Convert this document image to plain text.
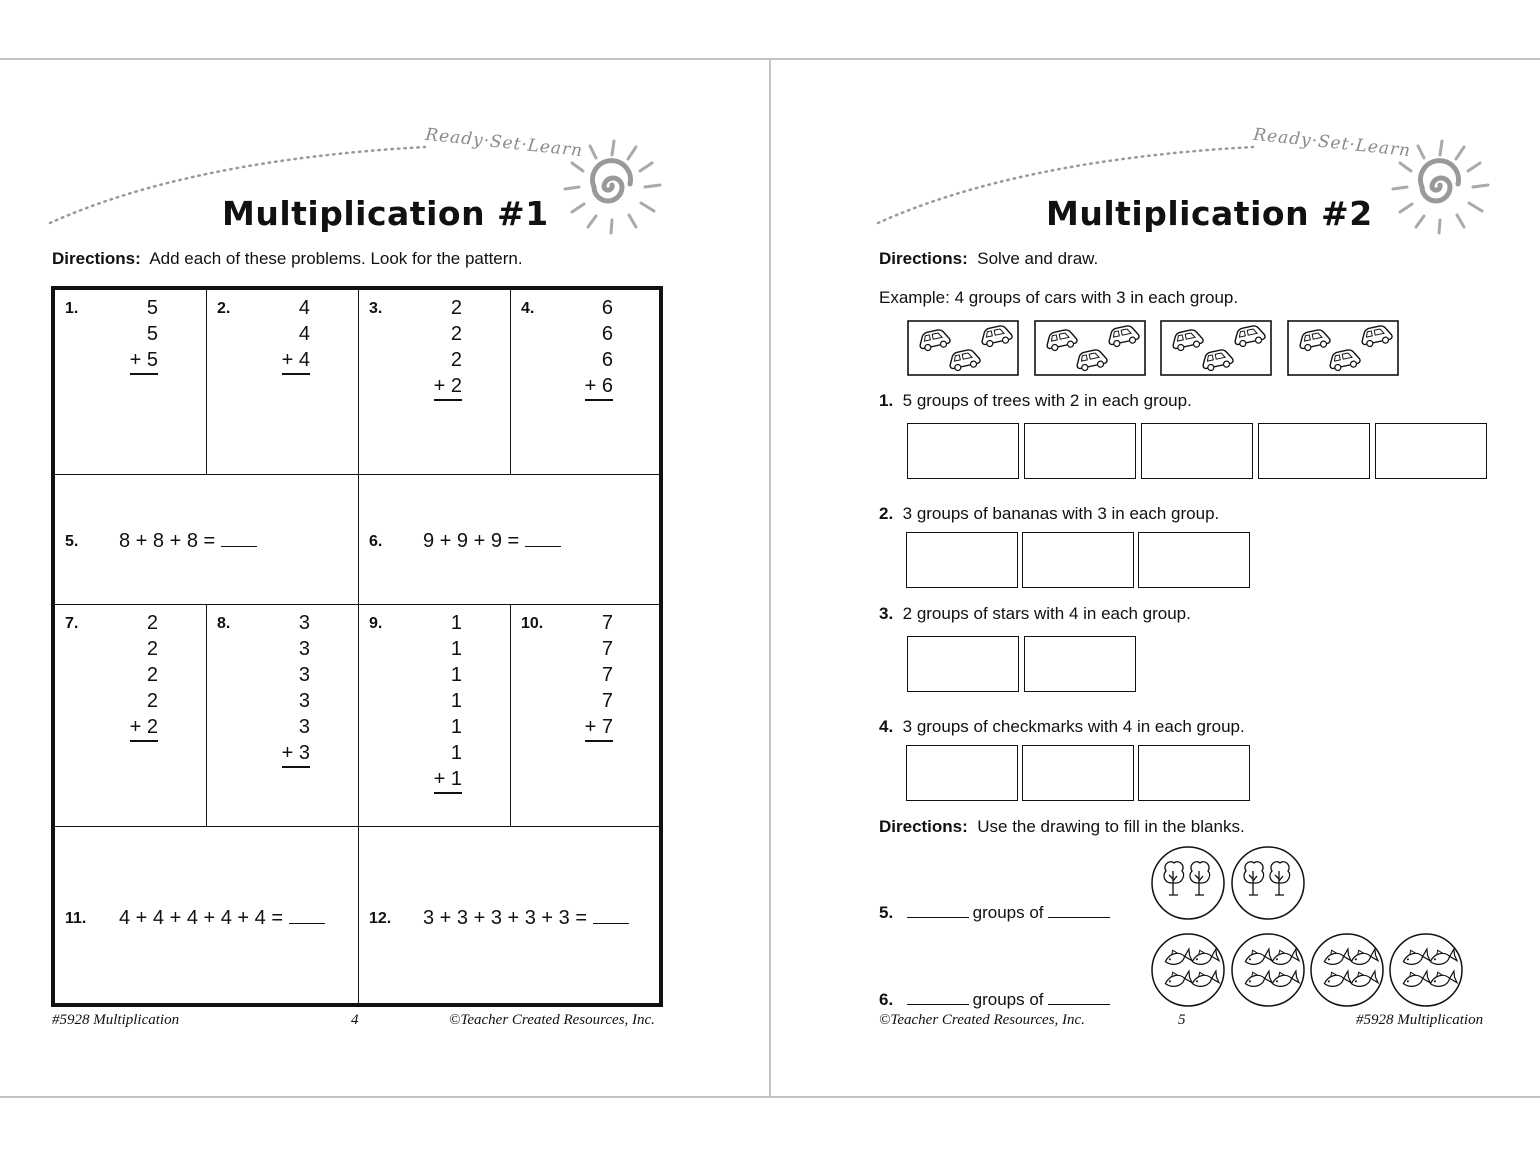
Ready·Set·Learn	Ready·Set·Learn
Multiplication #1
Directions: Add each of these problems. Look for the pattern.
1.	5
5
+ 5
2.	4
4
+ 4
3.	2
2
2
+ 2
4.	6
6
6
+ 6
5. 8 + 8 + 8 =	6. 9 + 9 + 9 =
7.	2
2
2
2
+ 2
8.	3
3
3
3
3
+ 3
9.	1
1
1
1
1
1
+ 1
10.	7
7
7
7
+ 7
11. 4 + 4 + 4 + 4 + 4 =	12. 3 + 3 + 3 + 3 + 3 =
#5928 Multiplication	4	©Teacher Created Resources, Inc.
Multiplication #2
Directions: Solve and draw.
Example: 4 groups of cars with 3 in each group.
1. 5 groups of trees with 2 in each group.
2. 3 groups of bananas with 3 in each group.
3. 2 groups of stars with 4 in each group.
4. 3 groups of checkmarks with 4 in each group.
Directions: Use the drawing to fill in the blanks.
5.	groups of
6.	groups of
©Teacher Created Resources, Inc.	5	#5928 Multiplication
